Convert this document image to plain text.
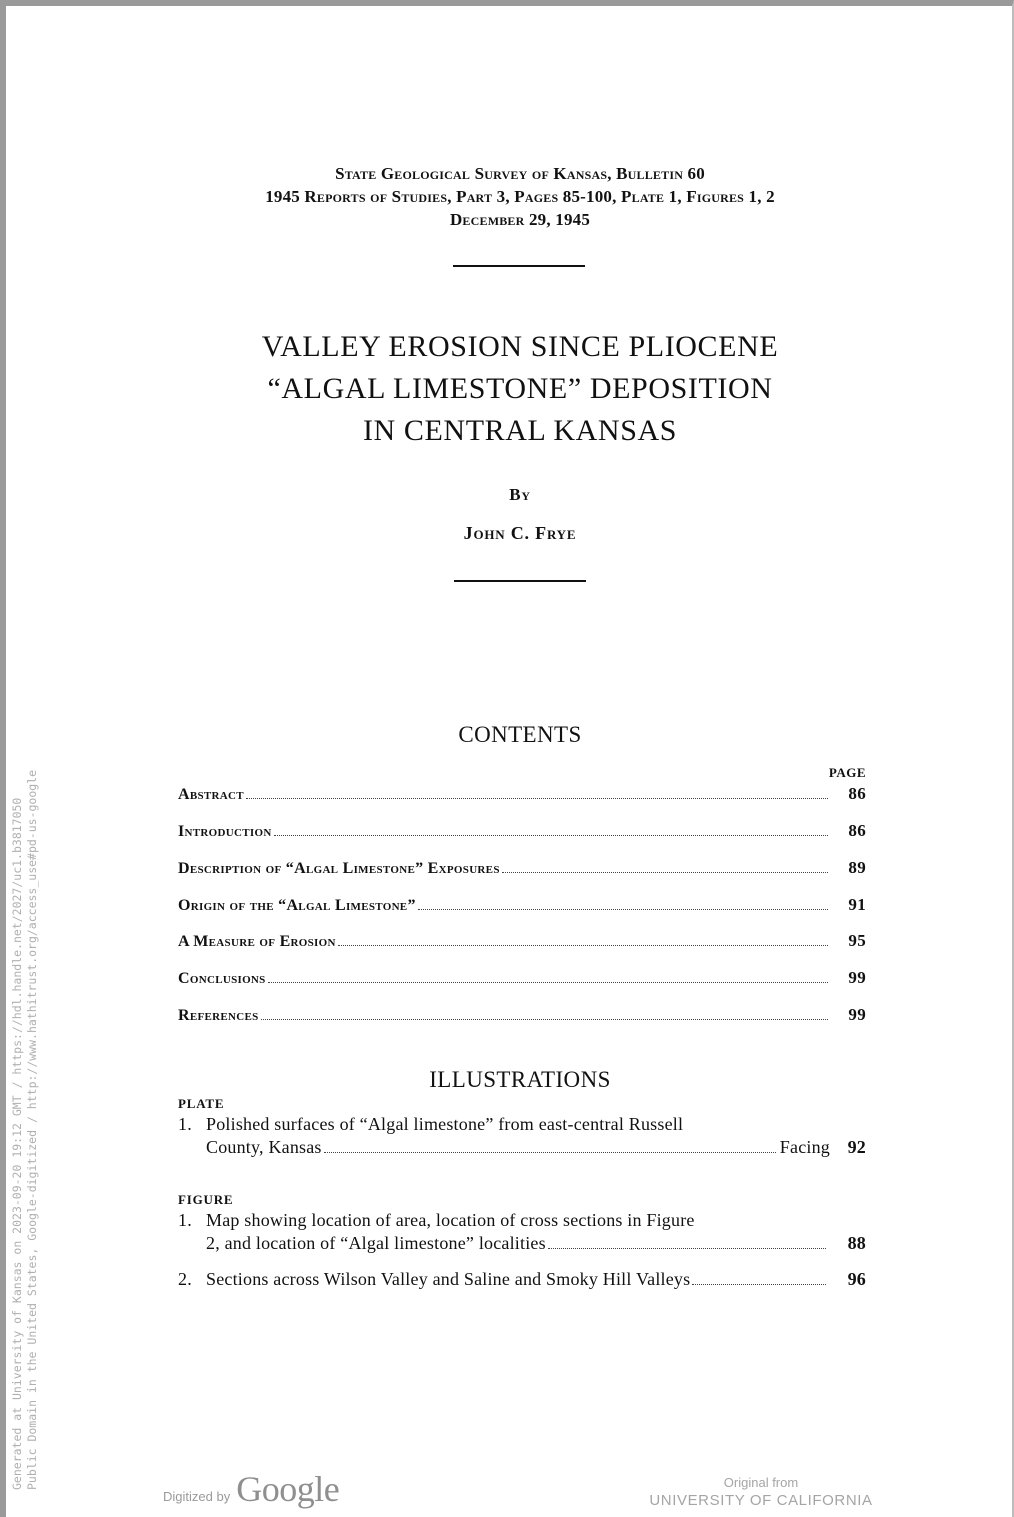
State Geological Survey of Kansas, Bulletin 60
1945 Reports of Studies, Part 3, Pages 85-100, Plate 1, Figures 1, 2
December 29, 1945
VALLEY EROSION SINCE PLIOCENE
“ALGAL LIMESTONE” DEPOSITION
IN CENTRAL KANSAS
By
John C. Frye
CONTENTS
PAGE
Abstract	86
Introduction	86
Description of “Algal Limestone” Exposures	89
Origin of the “Algal Limestone”	91
A Measure of Erosion	95
Conclusions	99
References	99
ILLUSTRATIONS
PLATE
1. Polished surfaces of “Algal limestone” from east-central Russell
County, Kansas	Facing 92
FIGURE
1. Map showing location of area, location of cross sections in Figure
2, and location of “Algal limestone” localities	88
2. Sections across Wilson Valley and Saline and Smoky Hill Valleys	96
Generated at University of Kansas on 2023-09-20 19:12 GMT / https://hdl.handle.net/2027/uc1.b3817050 Public Domain in the United States, Google-digitized / http://www.hathitrust.org/access_use#pd-us-google
Digitized by Google	Original from
UNIVERSITY OF CALIFORNIA
